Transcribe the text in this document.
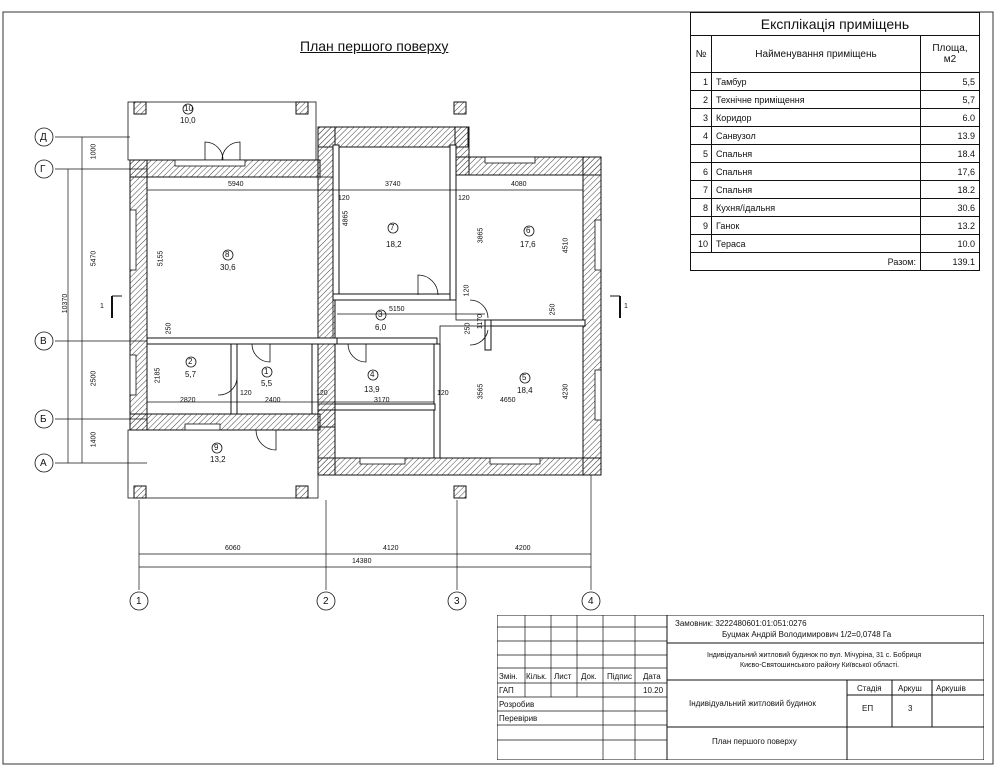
План першого поверху
Д
Г
В
Б
А
1	2	3	4
1	1
1000
5470
10370
2500
1400
5940	3740	4080
6060	4120	4200
14380
5155
4865
3865
4510
5150
2185
2820	2400	3170	4650
3565	4230
250
120	120
120	120	120
120
1170
250
250
8
30,6
7
18,2
6
17,6
3
6,0
2
5,7	1
5,5
4
13,9
5
18,4
9
13,2
10
10,0
Експлікація приміщень		
№	Найменування приміщень	Площа, м2
1	Тамбур	5,5
2	Технічне приміщення	5,7
3	Коридор	6.0
4	Санвузол	13.9
5	Спальня	18.4
6	Спальня	17,6
7	Спальня	18.2
8	Кухня/їдальня	30.6
9	Ганок	13.2
10	Тераса	10.0
Разом:		139.1
Замовник: 3222480601:01:051:0276
Буцмак Андрій Володимирович 1/2=0,0748 Га
Індивідуальний житловий будинок по вул. Мічуріна, 31 с. Бобриця
Києво-Святошинського району Київської області.
Змін. Кільк. Лист Док. Підпис Дата
ГАП	10.20
Розробив
Перевірив
Індивідуальний житловий будинок
Стадія Аркуш Аркушів
ЕП	3
План першого поверху
